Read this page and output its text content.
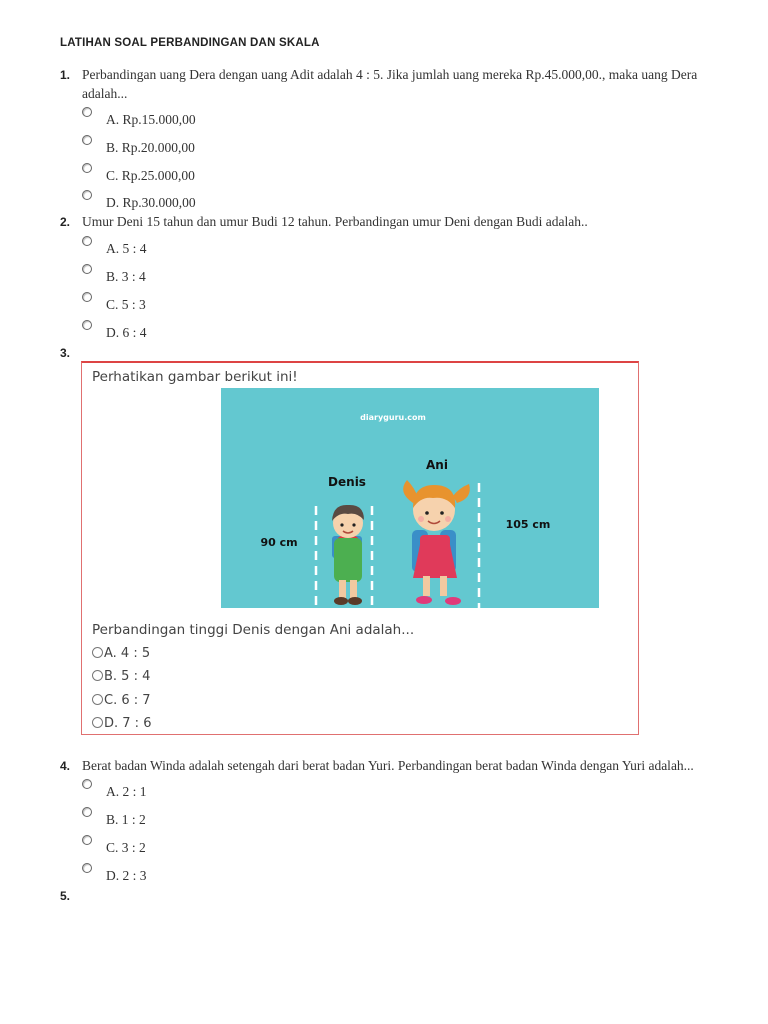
LATIHAN SOAL PERBANDINGAN DAN SKALA
1. Perbandingan uang Dera dengan uang Adit adalah 4 : 5. Jika jumlah uang mereka Rp.45.000,00., maka uang Dera adalah...
A. Rp.15.000,00
B. Rp.20.000,00
C. Rp.25.000,00
D. Rp.30.000,00
2. Umur Deni 15 tahun dan umur Budi 12 tahun. Perbandingan umur Deni dengan Budi adalah..
A. 5 : 4
B. 3 : 4
C. 5 : 3
D. 6 : 4
3.
Perhatikan gambar berikut ini!
diaryguru.com
Denis
Ani
90 cm
105 cm
Perbandingan tinggi Denis dengan Ani adalah...
A. 4 : 5
B. 5 : 4
C. 6 : 7
D. 7 : 6
4. Berat badan Winda adalah setengah dari berat badan Yuri. Perbandingan berat badan Winda dengan Yuri adalah...
A. 2 : 1
B. 1 : 2
C. 3 : 2
D. 2 : 3
5.
